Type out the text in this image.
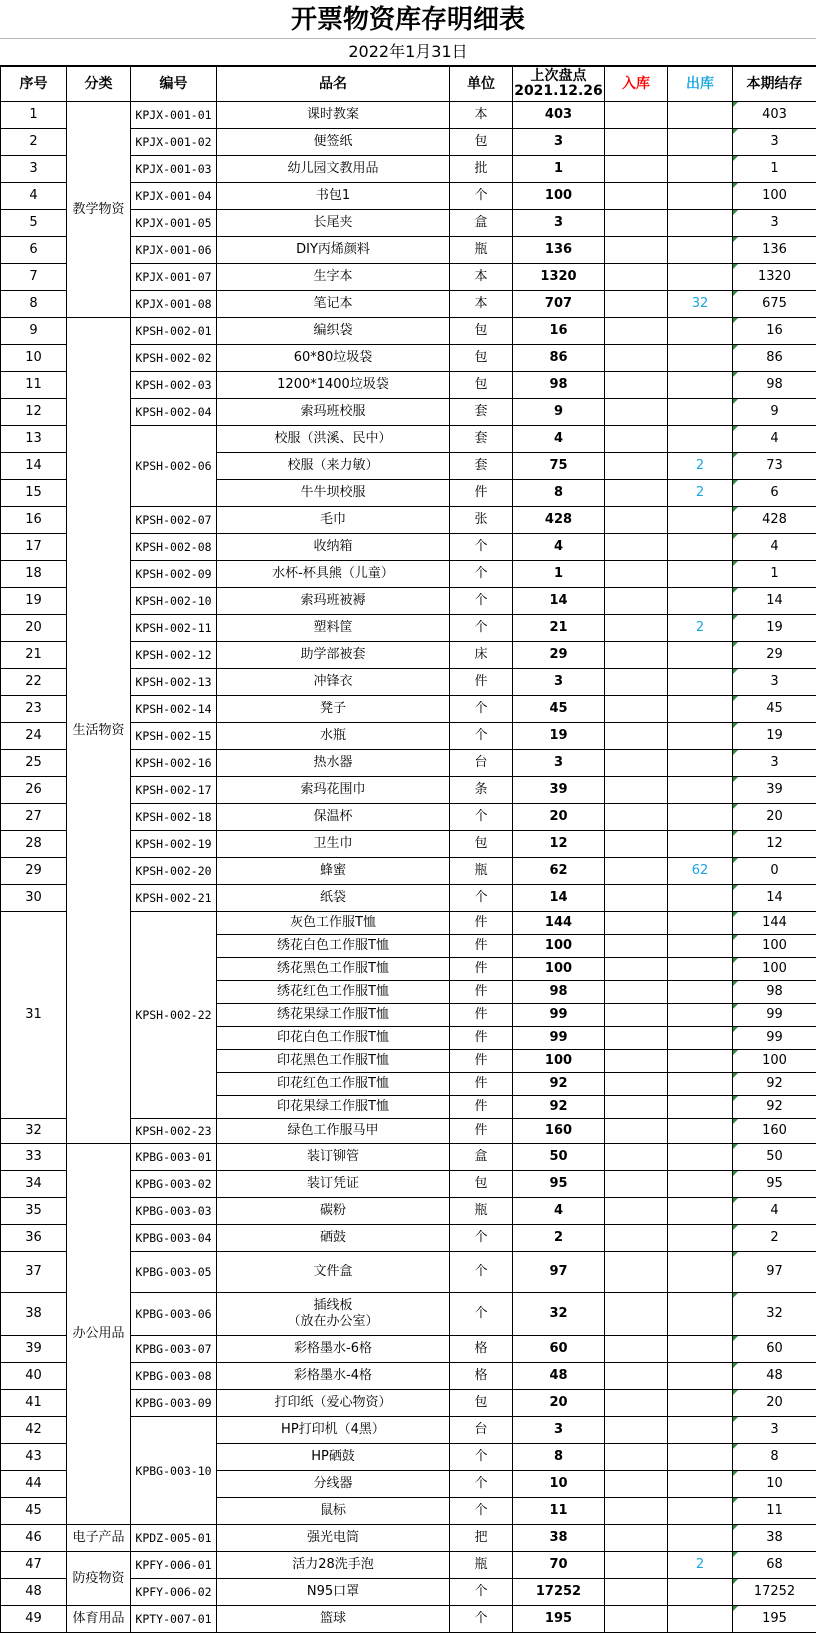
开票物资库存明细表
2022年1月31日
序号	分类	编号	品名	单位	上次盘点
2021.12.26	入库	出库	本期结存
1	教学物资	KPJX-001-01	课时教案	本	403			403
2		KPJX-001-02	便签纸	包	3			3
3		KPJX-001-03	幼儿园文教用品	批	1			1
4		KPJX-001-04	书包1	个	100			100
5		KPJX-001-05	长尾夹	盒	3			3
6		KPJX-001-06	DIY丙烯颜料	瓶	136			136
7		KPJX-001-07	生字本	本	1320			1320
8		KPJX-001-08	笔记本	本	707		32	675
9	生活物资	KPSH-002-01	编织袋	包	16			16
10		KPSH-002-02	60*80垃圾袋	包	86			86
11		KPSH-002-03	1200*1400垃圾袋	包	98			98
12		KPSH-002-04	索玛班校服	套	9			9
13		KPSH-002-06	校服（洪溪、民中）	套	4			4
14			校服（来力敏）	套	75		2	73
15			牛牛坝校服	件	8		2	6
16		KPSH-002-07	毛巾	张	428			428
17		KPSH-002-08	收纳箱	个	4			4
18		KPSH-002-09	水杯-杯具熊（儿童）	个	1			1
19		KPSH-002-10	索玛班被褥	个	14			14
20		KPSH-002-11	塑料筐	个	21		2	19
21		KPSH-002-12	助学部被套	床	29			29
22		KPSH-002-13	冲锋衣	件	3			3
23		KPSH-002-14	凳子	个	45			45
24		KPSH-002-15	水瓶	个	19			19
25		KPSH-002-16	热水器	台	3			3
26		KPSH-002-17	索玛花围巾	条	39			39
27		KPSH-002-18	保温杯	个	20			20
28		KPSH-002-19	卫生巾	包	12			12
29		KPSH-002-20	蜂蜜	瓶	62		62	0
30		KPSH-002-21	纸袋	个	14			14
31		KPSH-002-22	灰色工作服T恤	件	144			144
			绣花白色工作服T恤	件	100			100
			绣花黑色工作服T恤	件	100			100
			绣花红色工作服T恤	件	98			98
			绣花果绿工作服T恤	件	99			99
			印花白色工作服T恤	件	99			99
			印花黑色工作服T恤	件	100			100
			印花红色工作服T恤	件	92			92
			印花果绿工作服T恤	件	92			92
32		KPSH-002-23	绿色工作服马甲	件	160			160
33	办公用品	KPBG-003-01	装订铆管	盒	50			50
34		KPBG-003-02	装订凭证	包	95			95
35		KPBG-003-03	碳粉	瓶	4			4
36		KPBG-003-04	硒鼓	个	2			2
37		KPBG-003-05	文件盒	个	97			97
38		KPBG-003-06	插线板
（放在办公室）	个	32			32
39		KPBG-003-07	彩格墨水-6格	格	60			60
40		KPBG-003-08	彩格墨水-4格	格	48			48
41		KPBG-003-09	打印纸（爱心物资）	包	20			20
42		KPBG-003-10	HP打印机（4黑）	台	3			3
43			HP硒鼓	个	8			8
44			分线器	个	10			10
45			鼠标	个	11			11
46	电子产品	KPDZ-005-01	强光电筒	把	38			38
47	防疫物资	KPFY-006-01	活力28洗手泡	瓶	70		2	68
48		KPFY-006-02	N95口罩	个	17252			17252
49	体育用品	KPTY-007-01	篮球	个	195			195
